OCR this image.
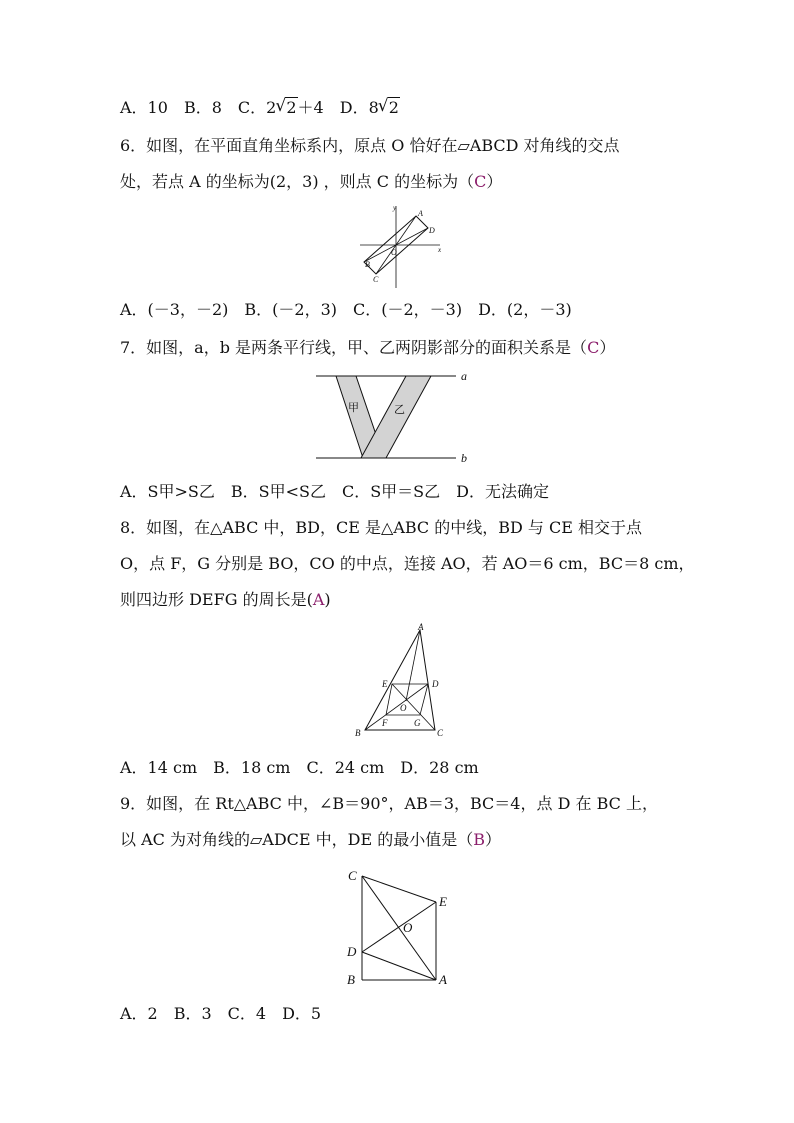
A．10　 B．8　 C．2 √ 2＋4　 D．8 √ 2
6．如图，在平面直角坐标系内，原点 O 恰好在▱ABCD 对角线的交点
处，若点 A 的坐标为(2，3) ，则点 C 的坐标为（C）
y
x
A
D
O
B
C
A．(－3，－2)　B．(－2，3)　C．(－2，－3)　D．(2，－3)
7．如图，a，b 是两条平行线，甲、乙两阴影部分的面积关系是（C）
a
b
甲	乙
A．S甲>S乙　B．S甲<S乙　C．S甲＝S乙　D．无法确定
8．如图，在△ABC 中，BD，CE 是△ABC 的中线，BD 与 CE 相交于点
O，点 F，G 分别是 BO，CO 的中点，连接 AO，若 AO＝6 cm，BC＝8 cm，
则四边形 DEFG 的周长是(A)
A
E	D
O
F	G
B	C
A．14 cm　B．18 cm　C．24 cm　D．28 cm
9．如图，在 Rt△ABC 中，∠B＝90°，AB＝3，BC＝4，点 D 在 BC 上，
以 AC 为对角线的▱ADCE 中，DE 的最小值是（B）
C
E
O
D
B	A
A．2　B．3　C．4　D．5
